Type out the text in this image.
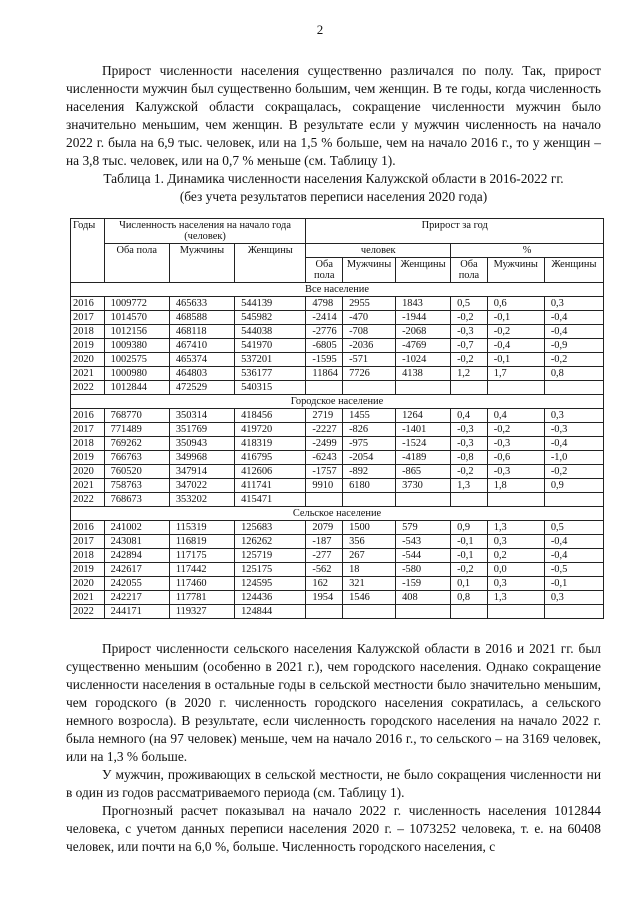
2

Прирост численности населения существенно различался по полу. Так, прирост численности мужчин был существенно большим, чем женщин. В те годы, когда численность населения Калужской области сокращалась, сокращение численности мужчин было значительно меньшим, чем женщин. В результате если у мужчин численность на начало 2022 г. была на 6,9 тыс. человек, или на 1,5 % больше, чем на начало 2016 г., то у женщин – на 3,8 тыс. человек, или на 0,7 % меньше (см. Таблицу 1).

Таблица 1. Динамика численности населения Калужской области в 2016-2022 гг.
(без учета результатов переписи населения 2020 года)
Годы	Численность населения на начало года (человек)			Прирост за год					
	Оба пола	Мужчины	Женщины	человек			%		
				Оба пола	Мужчины	Женщины	Оба пола	Мужчины	Женщины
Все население									
2016	1009772	465633	544139	4798	2955	1843	0,5	0,6	0,3
2017	1014570	468588	545982	-2414	-470	-1944	-0,2	-0,1	-0,4
2018	1012156	468118	544038	-2776	-708	-2068	-0,3	-0,2	-0,4
2019	1009380	467410	541970	-6805	-2036	-4769	-0,7	-0,4	-0,9
2020	1002575	465374	537201	-1595	-571	-1024	-0,2	-0,1	-0,2
2021	1000980	464803	536177	11864	7726	4138	1,2	1,7	0,8
2022	1012844	472529	540315						
Городское население									
2016	768770	350314	418456	2719	1455	1264	0,4	0,4	0,3
2017	771489	351769	419720	-2227	-826	-1401	-0,3	-0,2	-0,3
2018	769262	350943	418319	-2499	-975	-1524	-0,3	-0,3	-0,4
2019	766763	349968	416795	-6243	-2054	-4189	-0,8	-0,6	-1,0
2020	760520	347914	412606	-1757	-892	-865	-0,2	-0,3	-0,2
2021	758763	347022	411741	9910	6180	3730	1,3	1,8	0,9
2022	768673	353202	415471						
Сельское население									
2016	241002	115319	125683	2079	1500	579	0,9	1,3	0,5
2017	243081	116819	126262	-187	356	-543	-0,1	0,3	-0,4
2018	242894	117175	125719	-277	267	-544	-0,1	0,2	-0,4
2019	242617	117442	125175	-562	18	-580	-0,2	0,0	-0,5
2020	242055	117460	124595	162	321	-159	0,1	0,3	-0,1
2021	242217	117781	124436	1954	1546	408	0,8	1,3	0,3
2022	244171	119327	124844						

Прирост численности сельского населения Калужской области в 2016 и 2021 гг. был существенно меньшим (особенно в 2021 г.), чем городского населения. Однако сокращение численности населения в остальные годы в сельской местности было значительно меньшим, чем городского (в 2020 г. численность городского населения сократилась, а сельского немного возросла). В результате, если численность городского населения на начало 2022 г. была немного (на 97 человек) меньше, чем на начало 2016 г., то сельского – на 3169 человек, или на 1,3 % больше.

У мужчин, проживающих в сельской местности, не было сокращения численности ни в один из годов рассматриваемого периода (см. Таблицу 1).

Прогнозный расчет показывал на начало 2022 г. численность населения 1012844 человека, с учетом данных переписи населения 2020 г. – 1073252 человека, т. е. на 60408 человек, или почти на 6,0 %, больше. Численность городского населения, с
